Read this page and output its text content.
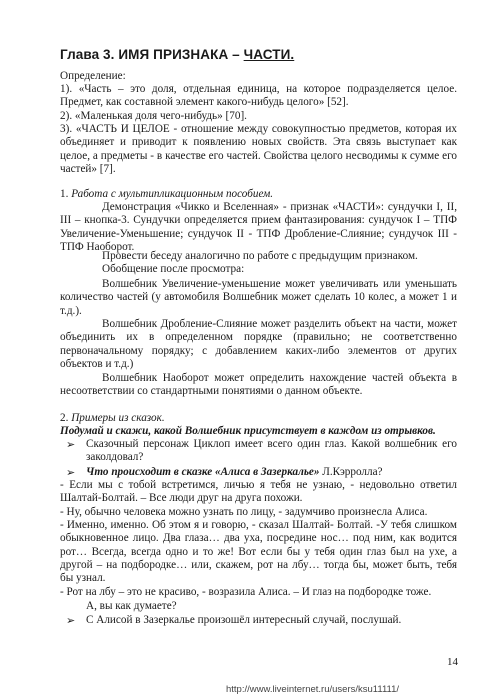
Глава 3. ИМЯ ПРИЗНАКА – ЧАСТИ.
Определение:
1). «Часть – это доля, отдельная единица, на которое подразделяется целое. Предмет, как составной элемент какого-нибудь целого» [52].
2). «Маленькая доля чего-нибудь» [70].
3). «ЧАСТЬ И ЦЕЛОЕ - отношение между совокупностью предметов, которая их объединяет и приводит к появлению новых свойств. Эта связь выступает как целое, а предметы - в качестве его частей. Свойства целого несводимы к сумме его частей» [7].
1. Работа с мультипликационным пособием.
Демонстрация «Чикко и Вселенная» - признак «ЧАСТИ»: сундучки I, II, III – кнопка-3. Сундучки определяется прием фантазирования: сундучок I – ТПФ Увеличение-Уменьшение; сундучок II - ТПФ Дробление-Слияние; сундучок III - ТПФ Наоборот.
Провести беседу аналогично по работе с предыдущим признаком.
Обобщение после просмотра:
Волшебник Увеличение-уменьшение может увеличивать или уменьшать количество частей (у автомобиля Волшебник может сделать 10 колес, а может 1 и т.д.).
Волшебник Дробление-Слияние может разделить объект на части, может объединить их в определенном порядке (правильно; не соответственно первоначальному порядку; с добавлением каких-либо элементов от других объектов и т.д.)
Волшебник Наоборот может определить нахождение частей объекта в несоответствии со стандартными понятиями о данном объекте.
2. Примеры из сказок.
Подумай и скажи, какой Волшебник присутствует в каждом из отрывков.
➢ Сказочный персонаж Циклоп имеет всего один глаз. Какой волшебник его заколдовал?
➢ Что происходит в сказке «Алиса в Зазеркалье» Л.Кэрролла?
- Если мы с тобой встретимся, личью я тебя не узнаю, - недовольно ответил Шалтай-Болтай. – Все люди друг на друга похожи.
- Ну, обычно человека можно узнать по лицу, - задумчиво произнесла Алиса.
- Именно, именно. Об этом я и говорю, - сказал Шалтай- Болтай. -У тебя слишком обыкновенное лицо. Два глаза… два уха, посредине нос… под ним, как водится рот… Всегда, всегда одно и то же! Вот если бы у тебя один глаз был на ухе, а другой – на подбородке… или, скажем, рот на лбу… тогда бы, может быть, тебя бы узнал.
- Рот на лбу – это не красиво, - возразила Алиса. – И глаз на подбородке тоже.
А, вы как думаете?
➢ С Алисой в Зазеркалье произошёл интересный случай, послушай.
14
http://www.liveinternet.ru/users/ksu11111/
